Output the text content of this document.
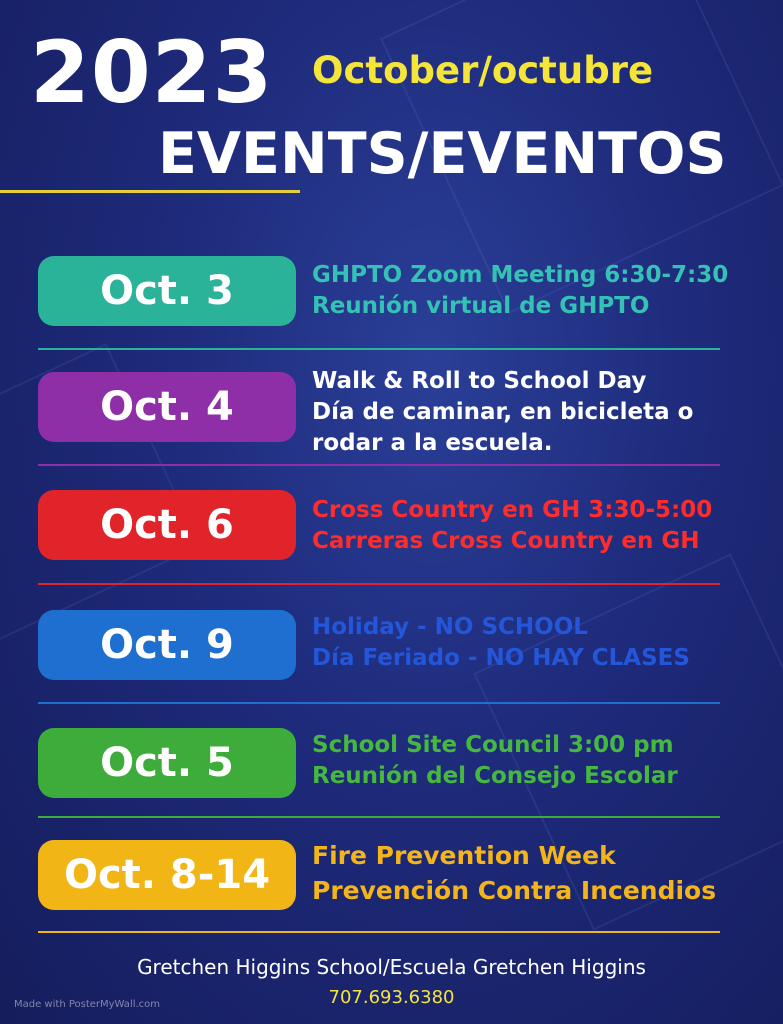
2023 October/octubre
EVENTS/EVENTOS
Oct. 3	GHPTO Zoom Meeting 6:30-7:30
Reunión virtual de GHPTO
Oct. 4
Walk & Roll to School Day
Día de caminar, en bicicleta o
rodar a la escuela.
Oct. 6	Cross Country en GH 3:30-5:00
Carreras Cross Country en GH
Oct. 9	Holiday - NO SCHOOL
Día Feriado - NO HAY CLASES
Oct. 5	School Site Council 3:00 pm
Reunión del Consejo Escolar
Oct. 8-14	Fire Prevention Week
Prevención Contra Incendios
Gretchen Higgins School/Escuela Gretchen Higgins
707.693.6380
Made with PosterMyWall.com
